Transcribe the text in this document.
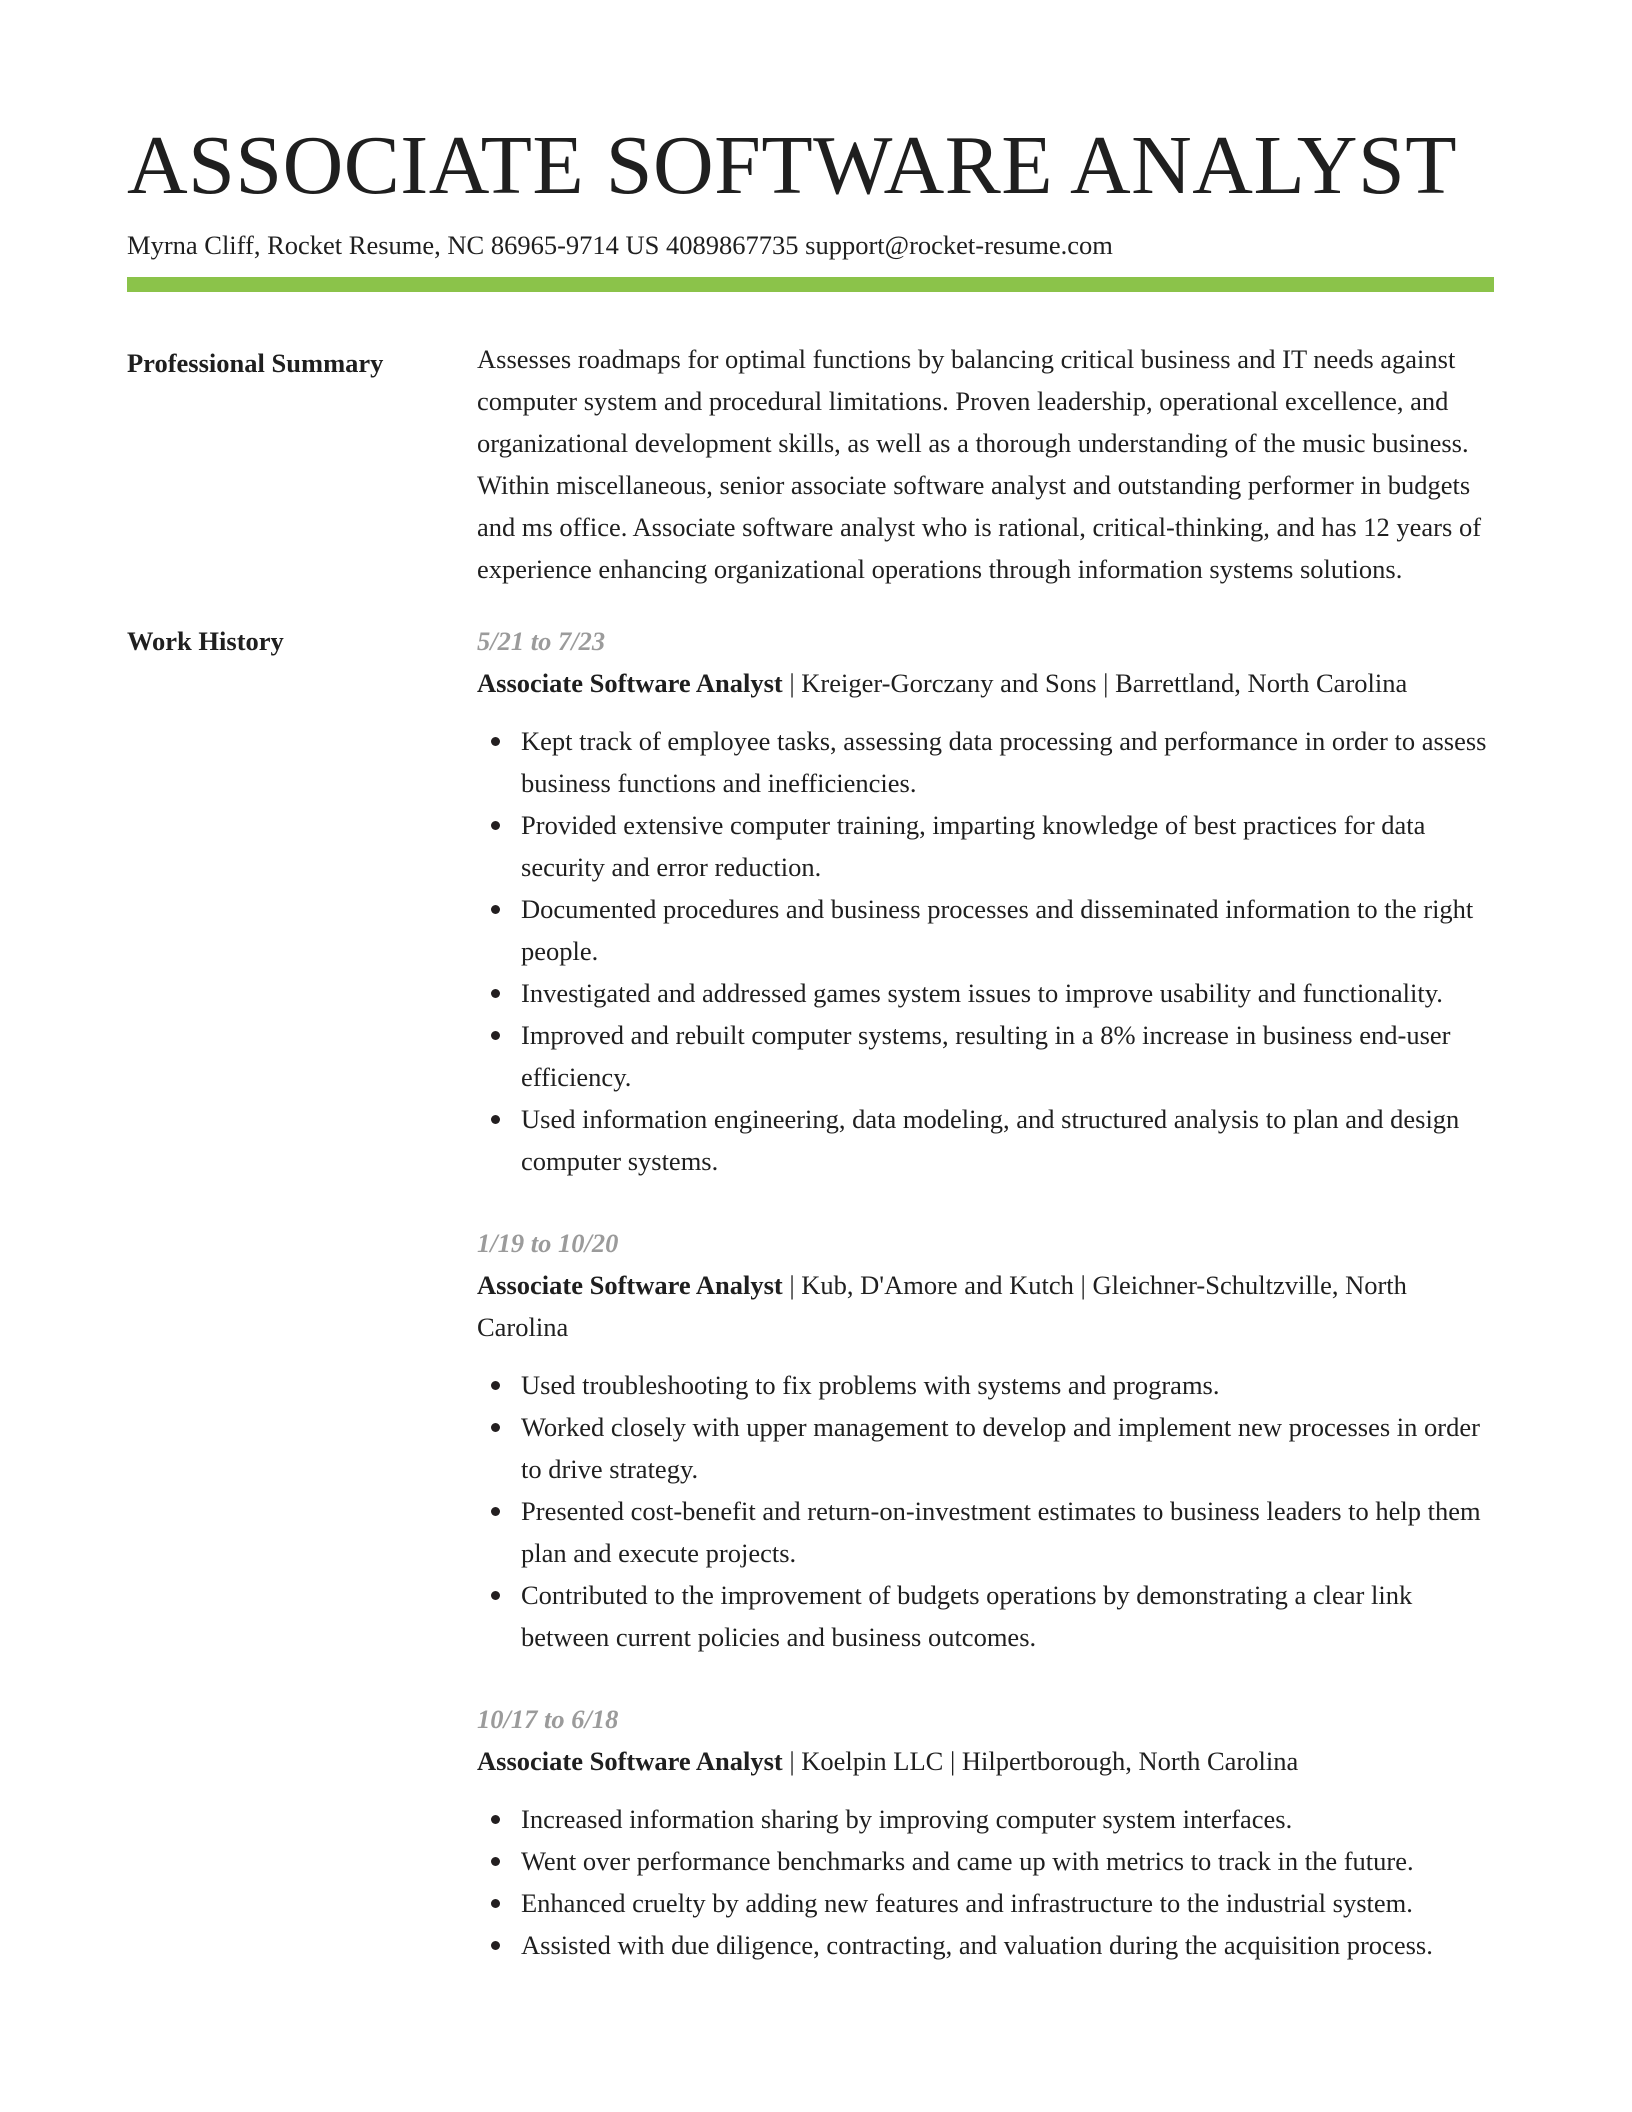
ASSOCIATE SOFTWARE ANALYST
Myrna Cliff, Rocket Resume, NC 86965-9714 US 4089867735 support@rocket-resume.com
Professional Summary	Assesses roadmaps for optimal functions by balancing critical business and IT needs against computer system and procedural limitations. Proven leadership, operational excellence, and organizational development skills, as well as a thorough understanding of the music business. Within miscellaneous, senior associate software analyst and outstanding performer in budgets and ms office. Associate software analyst who is rational, critical-thinking, and has 12 years of experience enhancing organizational operations through information systems solutions.

Work History	5/21 to 7/23
Associate Software Analyst | Kreiger-Gorczany and Sons | Barrettland, North Carolina
Kept track of employee tasks, assessing data processing and performance in order to assess business functions and inefficiencies.
Provided extensive computer training, imparting knowledge of best practices for data security and error reduction.
Documented procedures and business processes and disseminated information to the right people.
Investigated and addressed games system issues to improve usability and functionality.
Improved and rebuilt computer systems, resulting in a 8% increase in business end-user efficiency.
Used information engineering, data modeling, and structured analysis to plan and design computer systems.
1/19 to 10/20
Associate Software Analyst | Kub, D'Amore and Kutch | Gleichner-Schultzville, North Carolina
Used troubleshooting to fix problems with systems and programs.
Worked closely with upper management to develop and implement new processes in order to drive strategy.
Presented cost-benefit and return-on-investment estimates to business leaders to help them plan and execute projects.
Contributed to the improvement of budgets operations by demonstrating a clear link between current policies and business outcomes.
10/17 to 6/18
Associate Software Analyst | Koelpin LLC | Hilpertborough, North Carolina
Increased information sharing by improving computer system interfaces.
Went over performance benchmarks and came up with metrics to track in the future.
Enhanced cruelty by adding new features and infrastructure to the industrial system.
Assisted with due diligence, contracting, and valuation during the acquisition process.
